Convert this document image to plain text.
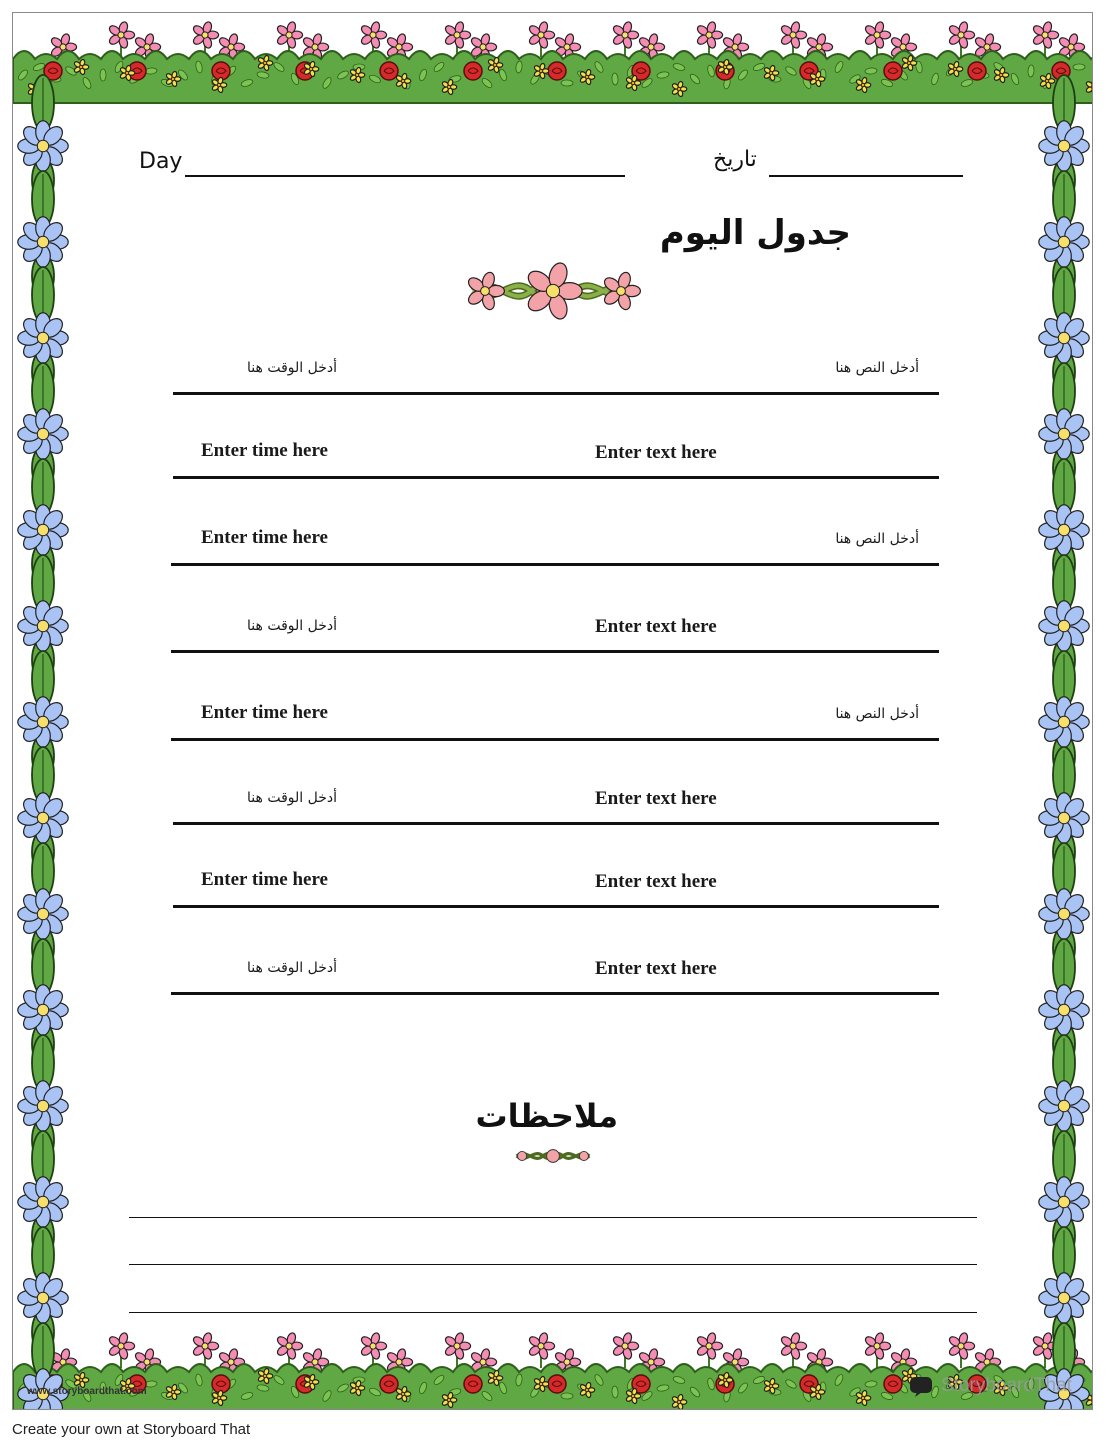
Day	تاريخ
جدول اليوم
أدخل الوقت هنا	أدخل النص هنا
Enter time here	Enter text here
Enter time here	أدخل النص هنا
أدخل الوقت هنا	Enter text here
Enter time here	أدخل النص هنا
أدخل الوقت هنا	Enter text here
Enter time here	Enter text here
أدخل الوقت هنا	Enter text here
ملاحظات
www.storyboardthat.com	StoryboardThat
Create your own at Storyboard That
